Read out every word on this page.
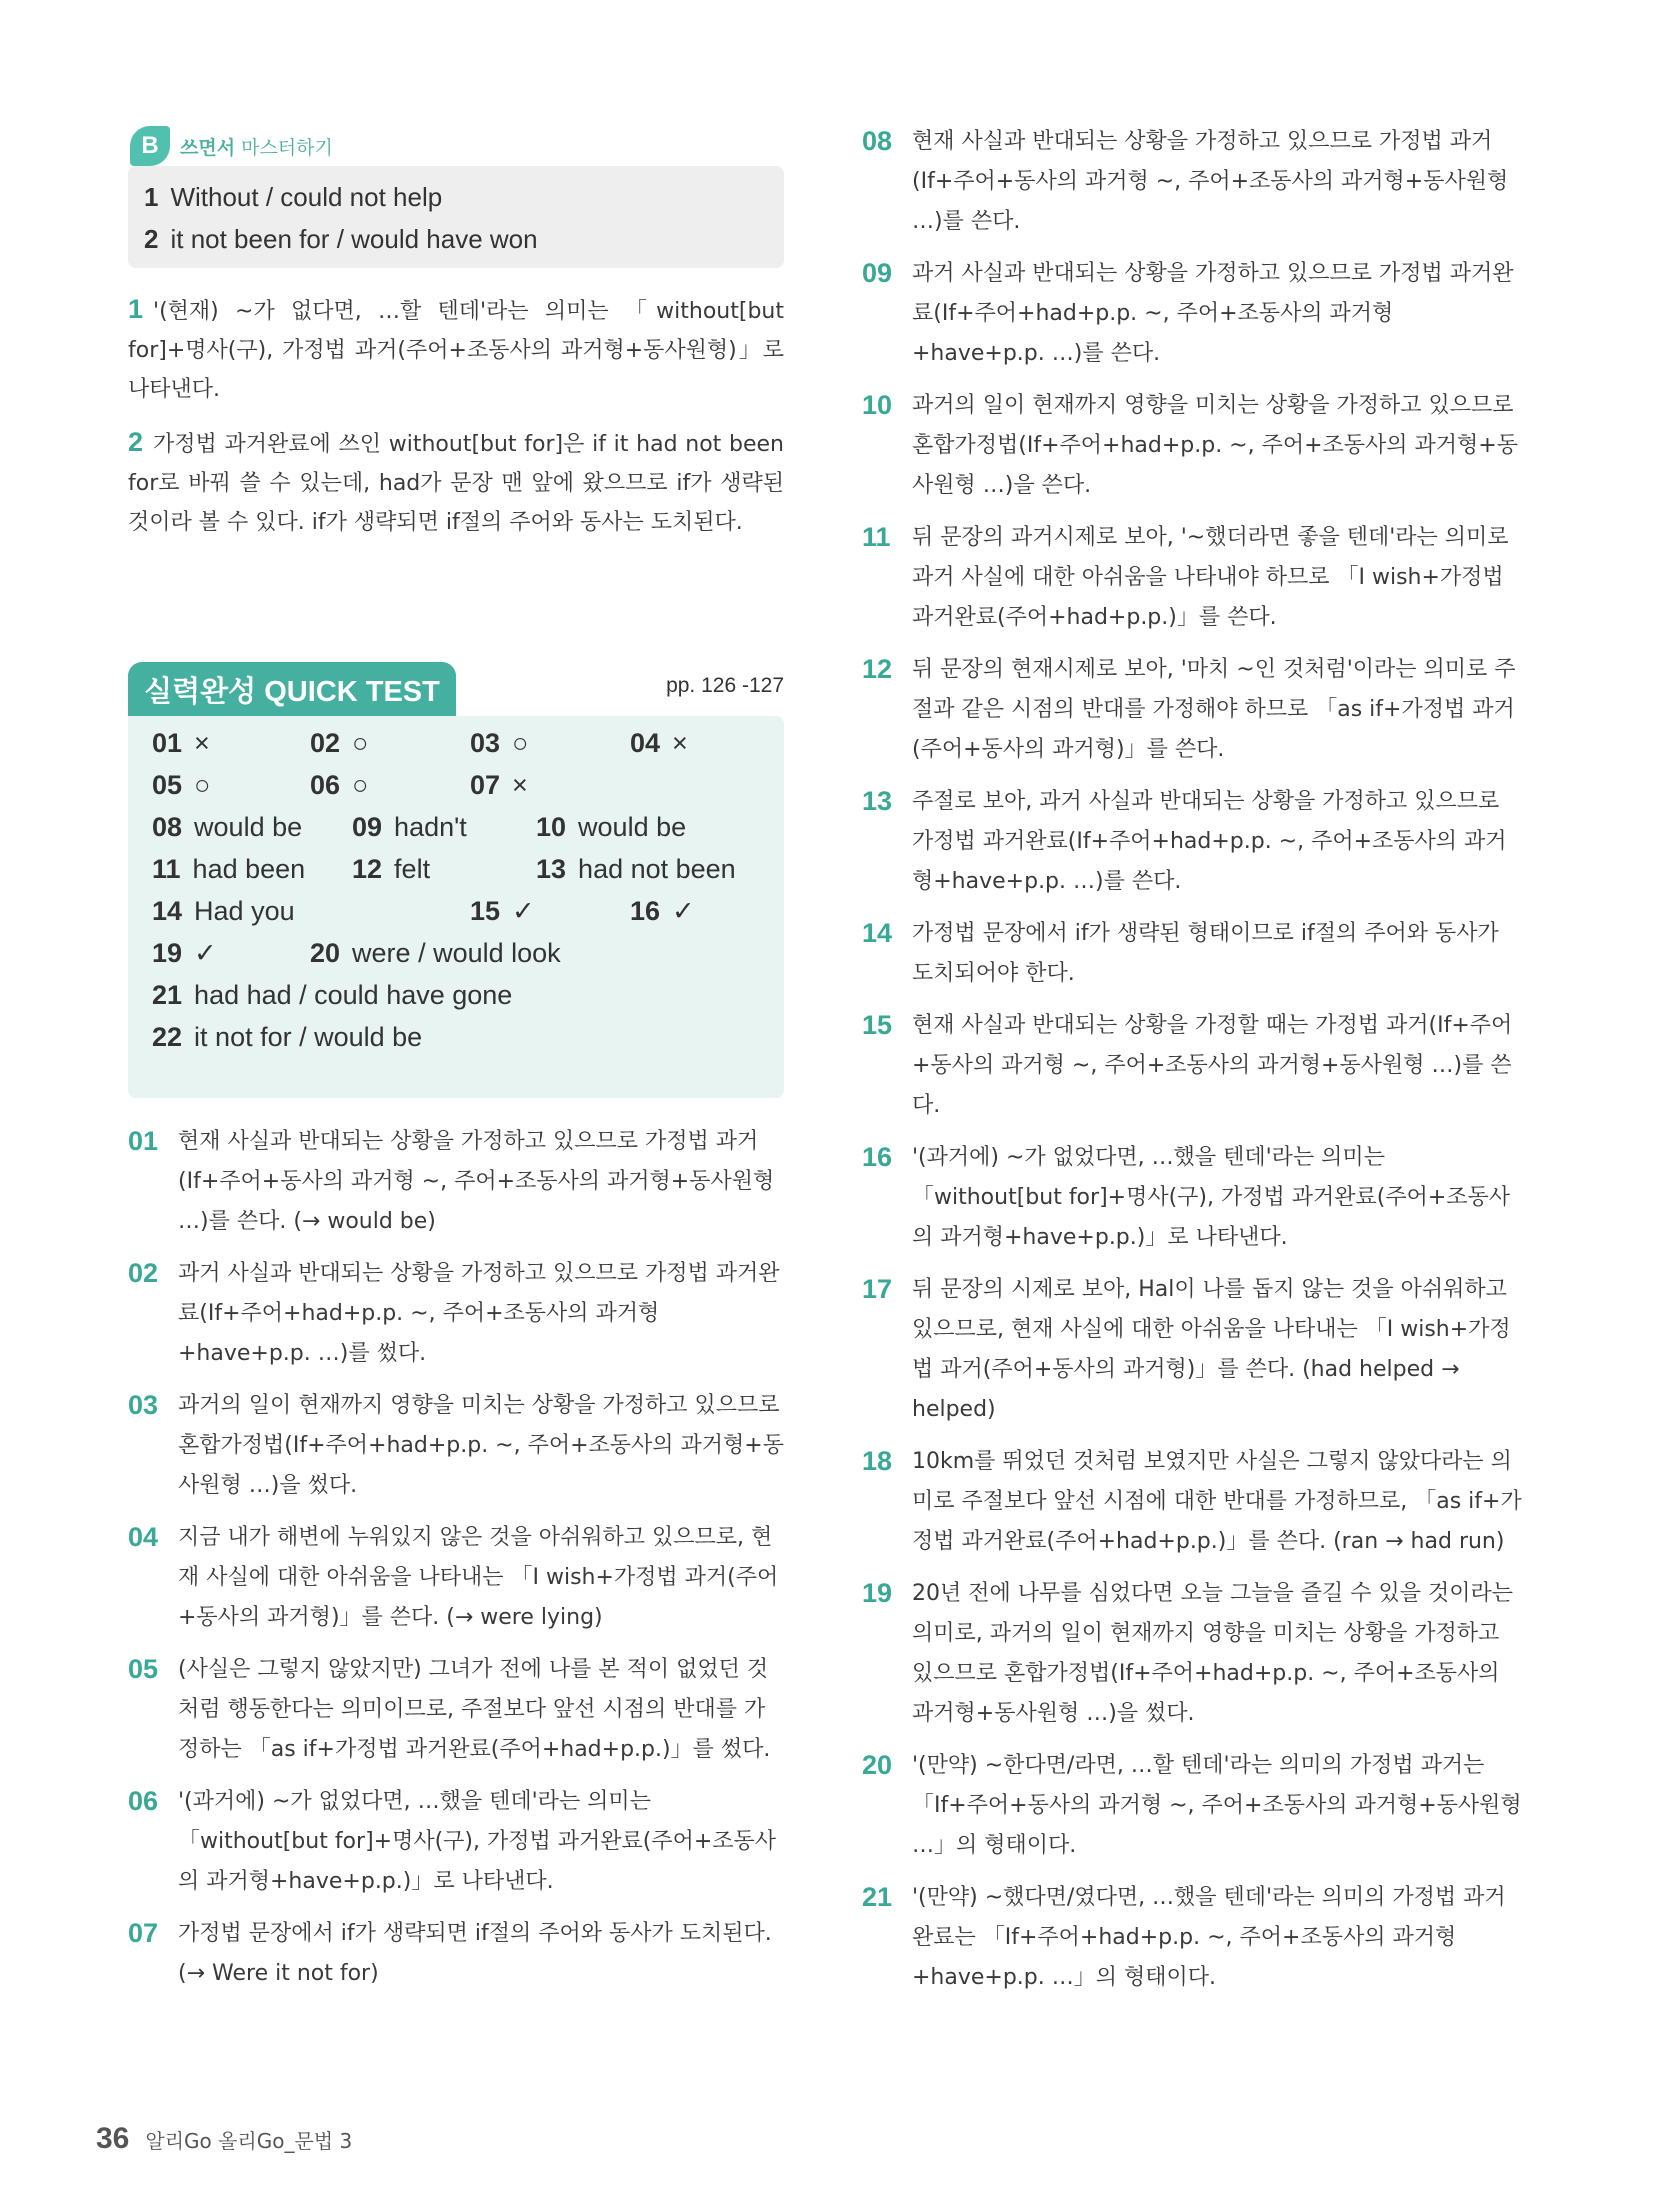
B	쓰면서 마스터하기
1 Without / could not help
2 it not been for / would have won
1 '(현재) ~가 없다면, …할 텐데'라는 의미는 「without[but for]+명사(구), 가정법 과거(주어+조동사의 과거형+동사원형)」로 나타낸다.
2 가정법 과거완료에 쓰인 without[but for]은 if it had not been for로 바꿔 쓸 수 있는데, had가 문장 맨 앞에 왔으므로 if가 생략된 것이라 볼 수 있다. if가 생략되면 if절의 주어와 동사는 도치된다.
실력완성 QUICK TEST	pp. 126 -127
01 ×	02 ○	03 ○	04 ×
05 ○	06 ○	07 ×
08 would be 09 hadn't	10 would be
11 had been 12 felt	13 had not been
14 Had you	15 ✓	16 ✓
19 ✓	20 were / would look
21 had had / could have gone
22 it not for / would be
01 현재 사실과 반대되는 상황을 가정하고 있으므로 가정법 과거(If+주어+동사의 과거형 ~, 주어+조동사의 과거형+동사원형 …)를 쓴다. (→ would be)
02 과거 사실과 반대되는 상황을 가정하고 있으므로 가정법 과거완료(If+주어+had+p.p. ~, 주어+조동사의 과거형+have+p.p. …)를 썼다.
03 과거의 일이 현재까지 영향을 미치는 상황을 가정하고 있으므로 혼합가정법(If+주어+had+p.p. ~, 주어+조동사의 과거형+동사원형 …)을 썼다.
04 지금 내가 해변에 누워있지 않은 것을 아쉬워하고 있으므로, 현재 사실에 대한 아쉬움을 나타내는 「I wish+가정법 과거(주어+동사의 과거형)」를 쓴다. (→ were lying)
05 (사실은 그렇지 않았지만) 그녀가 전에 나를 본 적이 없었던 것처럼 행동한다는 의미이므로, 주절보다 앞선 시점의 반대를 가정하는 「as if+가정법 과거완료(주어+had+p.p.)」를 썼다.
06 '(과거에) ~가 없었다면, …했을 텐데'라는 의미는 「without[but for]+명사(구), 가정법 과거완료(주어+조동사의 과거형+have+p.p.)」로 나타낸다.
07 가정법 문장에서 if가 생략되면 if절의 주어와 동사가 도치된다. (→ Were it not for)
08 현재 사실과 반대되는 상황을 가정하고 있으므로 가정법 과거(If+주어+동사의 과거형 ~, 주어+조동사의 과거형+동사원형 …)를 쓴다.
09 과거 사실과 반대되는 상황을 가정하고 있으므로 가정법 과거완료(If+주어+had+p.p. ~, 주어+조동사의 과거형+have+p.p. …)를 쓴다.
10 과거의 일이 현재까지 영향을 미치는 상황을 가정하고 있으므로 혼합가정법(If+주어+had+p.p. ~, 주어+조동사의 과거형+동사원형 …)을 쓴다.
11 뒤 문장의 과거시제로 보아, '~했더라면 좋을 텐데'라는 의미로 과거 사실에 대한 아쉬움을 나타내야 하므로 「I wish+가정법 과거완료(주어+had+p.p.)」를 쓴다.
12 뒤 문장의 현재시제로 보아, '마치 ~인 것처럼'이라는 의미로 주절과 같은 시점의 반대를 가정해야 하므로 「as if+가정법 과거(주어+동사의 과거형)」를 쓴다.
13 주절로 보아, 과거 사실과 반대되는 상황을 가정하고 있으므로 가정법 과거완료(If+주어+had+p.p. ~, 주어+조동사의 과거형+have+p.p. …)를 쓴다.
14 가정법 문장에서 if가 생략된 형태이므로 if절의 주어와 동사가 도치되어야 한다.
15 현재 사실과 반대되는 상황을 가정할 때는 가정법 과거(If+주어+동사의 과거형 ~, 주어+조동사의 과거형+동사원형 …)를 쓴다.
16 '(과거에) ~가 없었다면, …했을 텐데'라는 의미는 「without[but for]+명사(구), 가정법 과거완료(주어+조동사의 과거형+have+p.p.)」로 나타낸다.
17 뒤 문장의 시제로 보아, Hal이 나를 돕지 않는 것을 아쉬워하고 있으므로, 현재 사실에 대한 아쉬움을 나타내는 「I wish+가정법 과거(주어+동사의 과거형)」를 쓴다. (had helped → helped)
18 10km를 뛰었던 것처럼 보였지만 사실은 그렇지 않았다라는 의미로 주절보다 앞선 시점에 대한 반대를 가정하므로, 「as if+가정법 과거완료(주어+had+p.p.)」를 쓴다. (ran → had run)
19 20년 전에 나무를 심었다면 오늘 그늘을 즐길 수 있을 것이라는 의미로, 과거의 일이 현재까지 영향을 미치는 상황을 가정하고 있으므로 혼합가정법(If+주어+had+p.p. ~, 주어+조동사의 과거형+동사원형 …)을 썼다.
20 '(만약) ~한다면/라면, …할 텐데'라는 의미의 가정법 과거는 「If+주어+동사의 과거형 ~, 주어+조동사의 과거형+동사원형 …」의 형태이다.
21 '(만약) ~했다면/였다면, …했을 텐데'라는 의미의 가정법 과거완료는 「If+주어+had+p.p. ~, 주어+조동사의 과거형+have+p.p. …」의 형태이다.
36 알리Go 올리Go_문법 3
